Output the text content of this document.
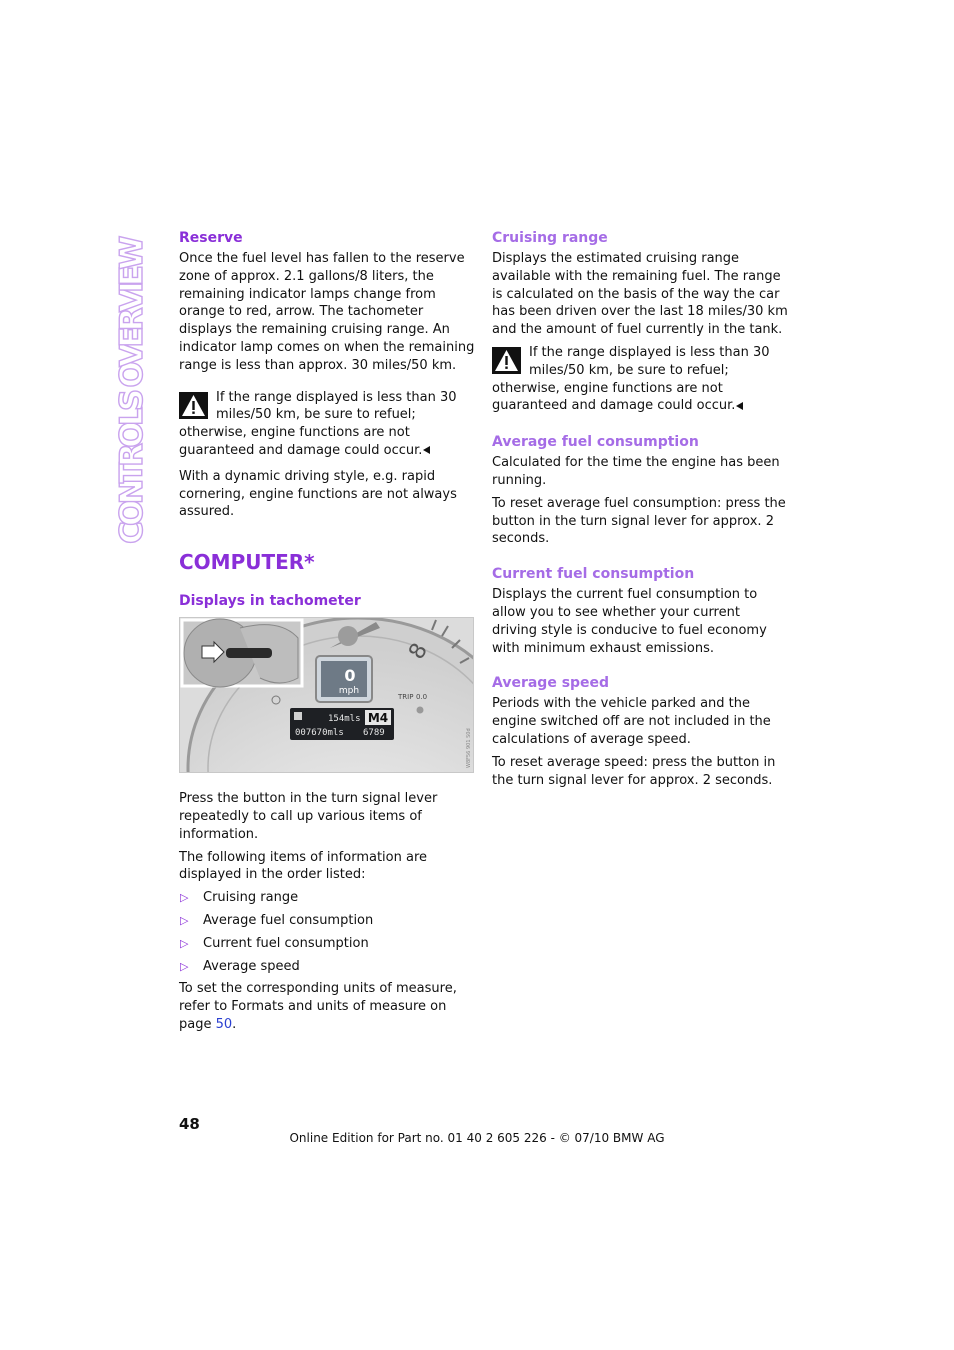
CONTROLS OVERVIEW Reserve

Once the fuel level has fallen to the reserve zone of approx. 2.1 gallons/8 liters, the remaining indicator lamps change from orange to red, arrow. The tachometer displays the remaining cruising range. An indicator lamp comes on when the remaining range is less than approx. 30 miles/50 km.

If the range displayed is less than 30 miles/50 km, be sure to refuel; otherwise, engine functions are not guaranteed and damage could occur.

With a dynamic driving style, e.g. rapid cornering, engine functions are not always assured.

COMPUTER*
Displays in tachometer
8
0
mph
TRIP 0.0
154mls M4
007670mls 6789	W8F56 901 S0d

Press the button in the turn signal lever repeatedly to call up various items of information.

The following items of information are displayed in the order listed:

▷ Cruising range
▷ Average fuel consumption
▷ Current fuel consumption
▷ Average speed

To set the corresponding units of measure, refer to Formats and units of measure on page 50.

Cruising range

Displays the estimated cruising range available with the remaining fuel. The range is calculated on the basis of the way the car has been driven over the last 18 miles/30 km and the amount of fuel currently in the tank.

If the range displayed is less than 30 miles/50 km, be sure to refuel; otherwise, engine functions are not guaranteed and damage could occur.
Average fuel consumption

Calculated for the time the engine has been running.

To reset average fuel consumption: press the button in the turn signal lever for approx. 2 seconds.

Current fuel consumption

Displays the current fuel consumption to allow you to see whether your current driving style is conducive to fuel economy with minimum exhaust emissions.

Average speed

Periods with the vehicle parked and the engine switched off are not included in the calculations of average speed.

To reset average speed: press the button in the turn signal lever for approx. 2 seconds.

48
Online Edition for Part no. 01 40 2 605 226 - © 07/10 BMW AG
